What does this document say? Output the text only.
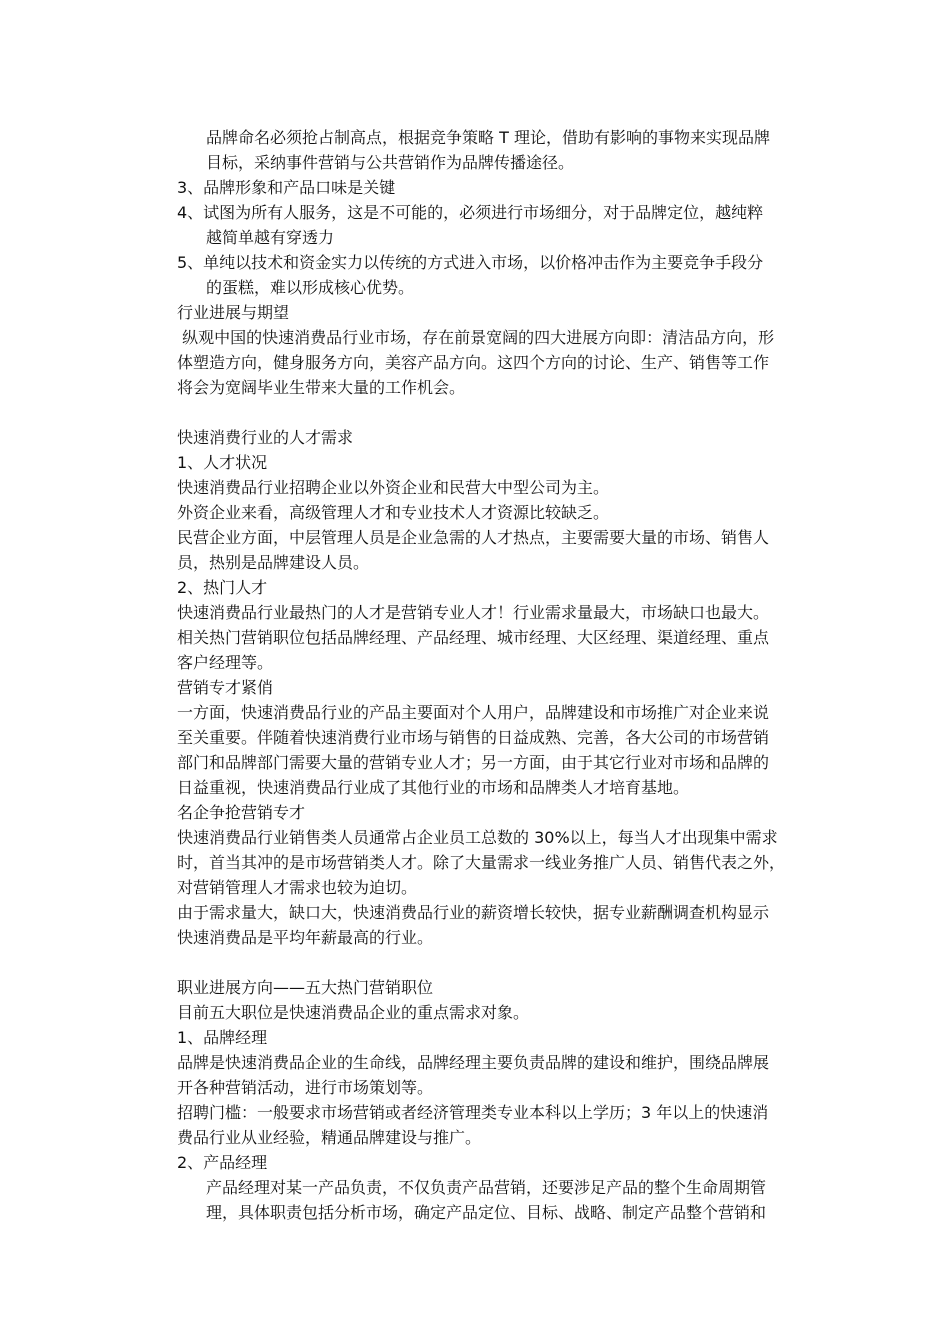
品牌命名必须抢占制高点，根据竞争策略 T 理论，借助有影响的事物来实现品牌
目标，采纳事件营销与公共营销作为品牌传播途径。
3、品牌形象和产品口味是关键
4、试图为所有人服务，这是不可能的，必须进行市场细分，对于品牌定位，越纯粹
越简单越有穿透力
5、单纯以技术和资金实力以传统的方式进入市场，以价格冲击作为主要竞争手段分
的蛋糕，难以形成核心优势。
行业进展与期望
纵观中国的快速消费品行业市场，存在前景宽阔的四大进展方向即：清洁品方向，形
体塑造方向，健身服务方向，美容产品方向。这四个方向的讨论、生产、销售等工作
将会为宽阔毕业生带来大量的工作机会。
快速消费行业的人才需求
1、人才状况
快速消费品行业招聘企业以外资企业和民营大中型公司为主。
外资企业来看，高级管理人才和专业技术人才资源比较缺乏。
民营企业方面，中层管理人员是企业急需的人才热点，主要需要大量的市场、销售人
员，热别是品牌建设人员。
2、热门人才
快速消费品行业最热门的人才是营销专业人才！行业需求量最大，市场缺口也最大。
相关热门营销职位包括品牌经理、产品经理、城市经理、大区经理、渠道经理、重点
客户经理等。
营销专才紧俏
一方面，快速消费品行业的产品主要面对个人用户，品牌建设和市场推广对企业来说
至关重要。伴随着快速消费行业市场与销售的日益成熟、完善，各大公司的市场营销
部门和品牌部门需要大量的营销专业人才；另一方面，由于其它行业对市场和品牌的
日益重视，快速消费品行业成了其他行业的市场和品牌类人才培育基地。
名企争抢营销专才
快速消费品行业销售类人员通常占企业员工总数的 30%以上，每当人才出现集中需求
时，首当其冲的是市场营销类人才。除了大量需求一线业务推广人员、销售代表之外，
对营销管理人才需求也较为迫切。
由于需求量大，缺口大，快速消费品行业的薪资增长较快，据专业薪酬调查机构显示
快速消费品是平均年薪最高的行业。
职业进展方向——五大热门营销职位
目前五大职位是快速消费品企业的重点需求对象。
1、品牌经理
品牌是快速消费品企业的生命线，品牌经理主要负责品牌的建设和维护，围绕品牌展
开各种营销活动，进行市场策划等。
招聘门槛：一般要求市场营销或者经济管理类专业本科以上学历；3 年以上的快速消
费品行业从业经验，精通品牌建设与推广。
2、产品经理
产品经理对某一产品负责，不仅负责产品营销，还要涉足产品的整个生命周期管
理，具体职责包括分析市场，确定产品定位、目标、战略、制定产品整个营销和
